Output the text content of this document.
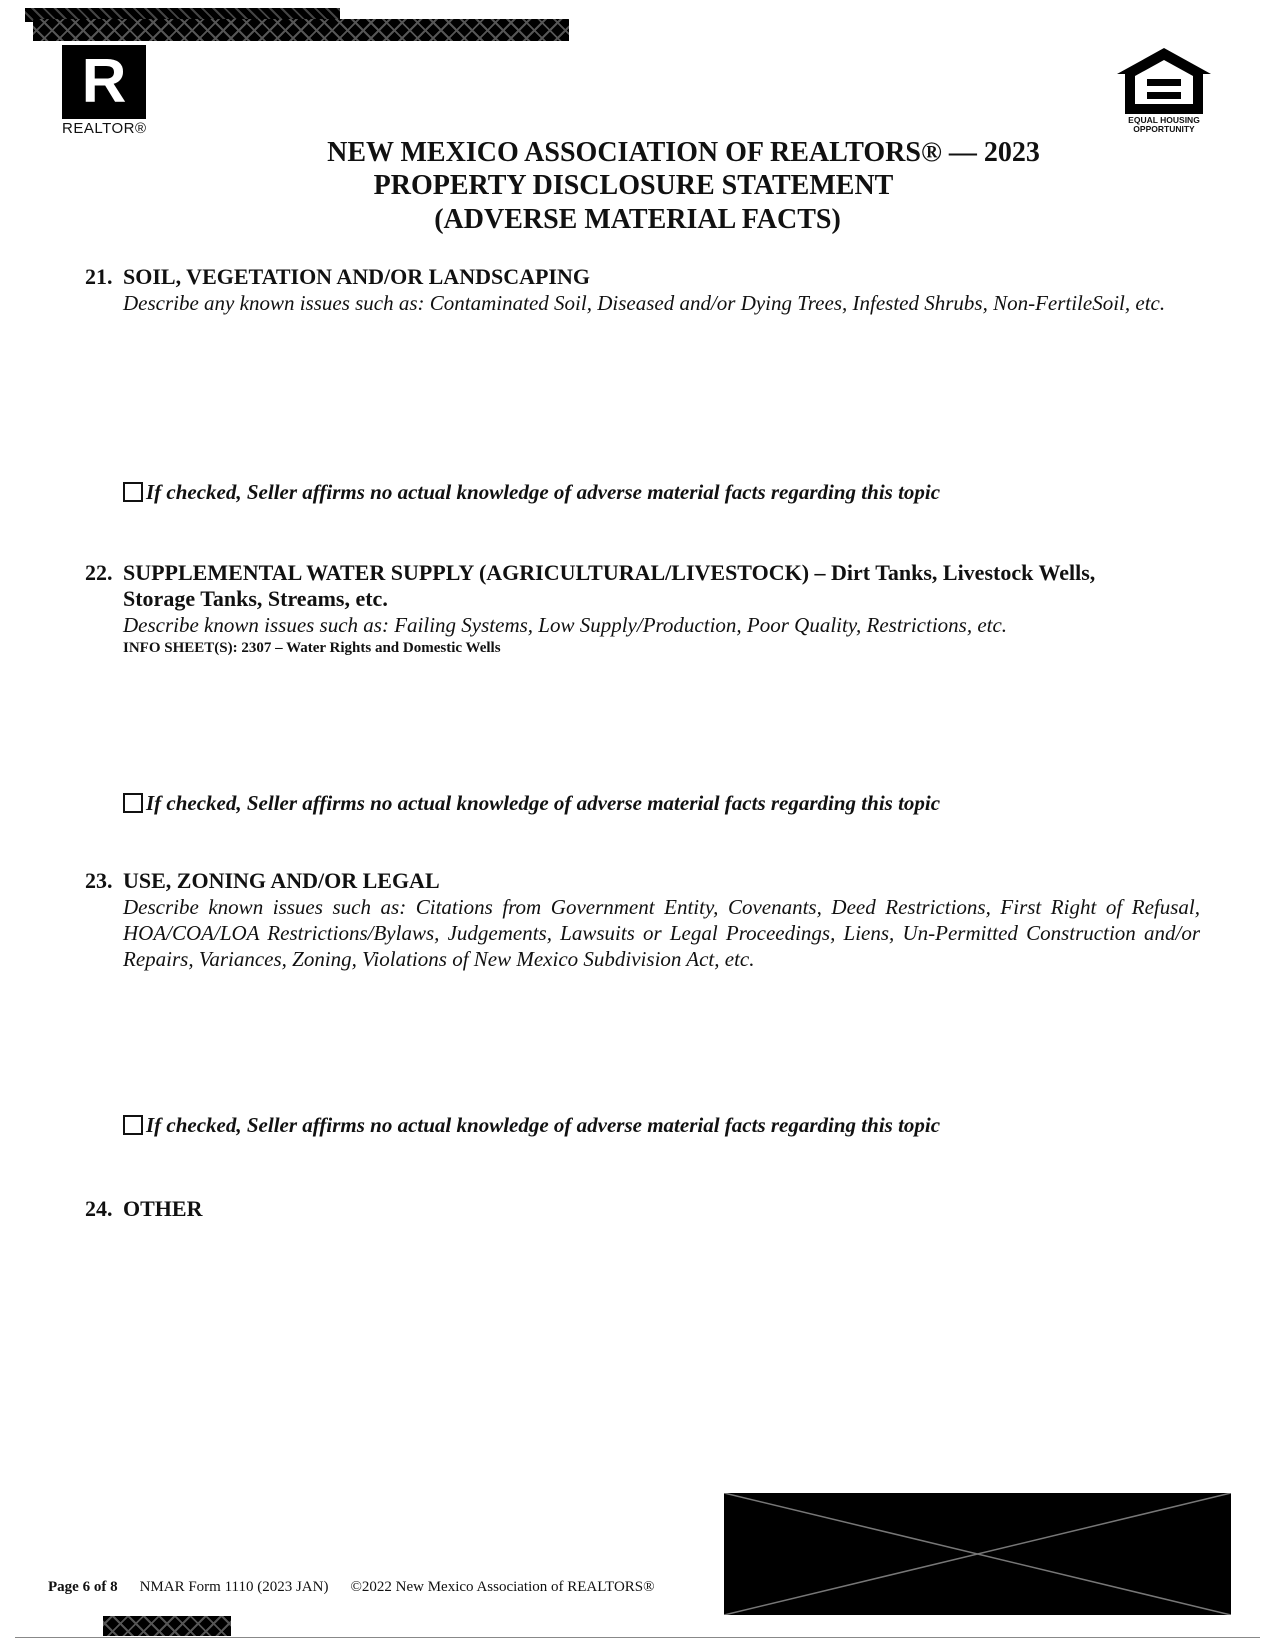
R
REALTOR®	EQUAL HOUSING
OPPORTUNITY
NEW MEXICO ASSOCIATION OF REALTORS® — 2023
PROPERTY DISCLOSURE STATEMENT
(ADVERSE MATERIAL FACTS)
21. SOIL, VEGETATION AND/OR LANDSCAPING
Describe any known issues such as: Contaminated Soil, Diseased and/or Dying Trees, Infested Shrubs, Non-FertileSoil, etc.
If checked, Seller affirms no actual knowledge of adverse material facts regarding this topic
22. SUPPLEMENTAL WATER SUPPLY (AGRICULTURAL/LIVESTOCK) – Dirt Tanks, Livestock Wells,
Storage Tanks, Streams, etc.
Describe known issues such as: Failing Systems, Low Supply/Production, Poor Quality, Restrictions, etc.
INFO SHEET(S): 2307 – Water Rights and Domestic Wells
If checked, Seller affirms no actual knowledge of adverse material facts regarding this topic
23. USE, ZONING AND/OR LEGAL
Describe known issues such as: Citations from Government Entity, Covenants, Deed Restrictions, First Right of Refusal, HOA/COA/LOA Restrictions/Bylaws, Judgements, Lawsuits or Legal Proceedings, Liens, Un-Permitted Construction and/or Repairs, Variances, Zoning, Violations of New Mexico Subdivision Act, etc.
If checked, Seller affirms no actual knowledge of adverse material facts regarding this topic
24. OTHER
Page 6 of 8 NMAR Form 1110 (2023 JAN) ©2022 New Mexico Association of REALTORS®
